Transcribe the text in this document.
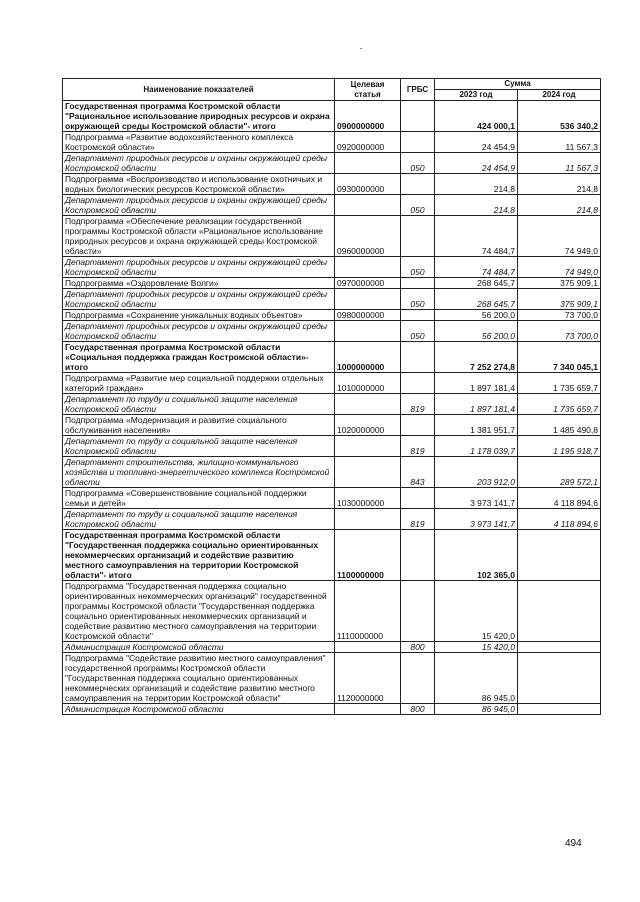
Наименование показателей	Целевая статья	ГРБС	Сумма	
			2023 год	2024 год
Государственная программа Костромской области "Рациональное использование природных ресурсов и охрана окружающей среды Костромской области"- итого	0900000000		424 000,1	536 340,2
Подпрограмма «Развитие водохозяйственного комплекса Костромской области»	0920000000		24 454,9	11 567,3
Департамент природных ресурсов и охраны окружающей среды Костромской области		050	24 454,9	11 567,3
Подпрограмма «Воспроизводство и использование охотничьих и водных биологических ресурсов Костромской области»	0930000000		214,8	214,8
Департамент природных ресурсов и охраны окружающей среды Костромской области		050	214,8	214,8
Подпрограмма «Обеспечение реализации государственной программы Костромской области «Рациональное использование природных ресурсов и охрана окружающей среды Костромской области»	0960000000		74 484,7	74 949,0
Департамент природных ресурсов и охраны окружающей среды Костромской области		050	74 484,7	74 949,0
Подпрограмма «Оздоровление Волги»	0970000000		268 645,7	375 909,1
Департамент природных ресурсов и охраны окружающей среды Костромской области		050	268 645,7	375 909,1
Подпрограмма «Сохранение уникальных водных объектов»	0980000000		56 200,0	73 700,0
Департамент природных ресурсов и охраны окружающей среды Костромской области		050	56 200,0	73 700,0
Государственная программа Костромской области «Социальная поддержка граждан Костромской области»- итого	1000000000		7 252 274,8	7 340 045,1
Подпрограмма «Развитие мер социальной поддержки отдельных категорий граждан»	1010000000		1 897 181,4	1 735 659,7
Департамент по труду и социальной защите населения Костромской области		819	1 897 181,4	1 735 659,7
Подпрограмма «Модернизация и развитие социального обслуживания населения»	1020000000		1 381 951,7	1 485 490,8
Департамент по труду и социальной защите населения Костромской области		819	1 178 039,7	1 195 918,7
Департамент строительства, жилищно-коммунального хозяйства и топливно-энергетического комплекса Костромской области		843	203 912,0	289 572,1
Подпрограмма «Совершенствование социальной поддержки семьи и детей»	1030000000		3 973 141,7	4 118 894,6
Департамент по труду и социальной защите населения Костромской области		819	3 973 141,7	4 118 894,6
Государственная программа Костромской области "Государственная поддержка социально ориентированных некоммерческих организаций и содействие развитию местного самоуправления на территории Костромской области"- итого	1100000000		102 365,0	
Подпрограмма "Государственная поддержка социально ориентированных некоммерческих организаций" государственной программы Костромской области "Государственная поддержка социально ориентированных некоммерческих организаций и содействие развитию местного самоуправления на территории Костромской области"	1110000000		15 420,0	
Администрация Костромской области		800	15 420,0	
Подпрограмма "Содействие развитию местного самоуправления" государственной программы Костромской области "Государственная поддержка социально ориентированных некоммерческих организаций и содействие развитию местного самоуправления на территории Костромской области"	1120000000		86 945,0	
Администрация Костромской области		800	86 945,0	
494
